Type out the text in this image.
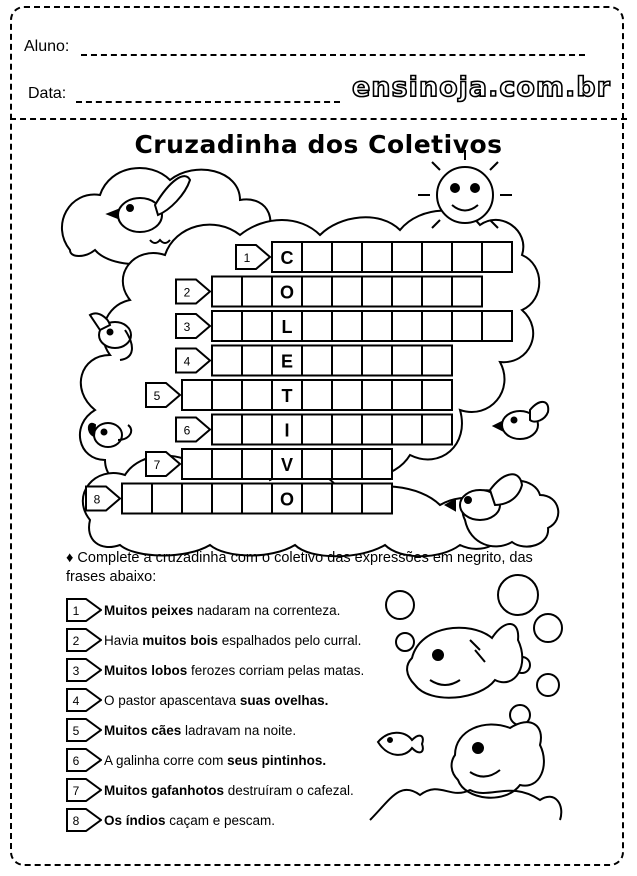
Aluno:
Data:	ensinoja.com.br
Cruzadinha dos Coletivos
C
1
O
2
L
3
E
4
T
5
I
6
V
7
O
8
♦ Complete a cruzadinha com o coletivo das expressões em negrito, das frases abaixo:
1 Muitos peixes nadaram na correnteza.
2 Havia muitos bois espalhados pelo curral.
3 Muitos lobos ferozes corriam pelas matas.
4 O pastor apascentava suas ovelhas.
5 Muitos cães ladravam na noite.
6 A galinha corre com seus pintinhos.
7 Muitos gafanhotos destruíram o cafezal.
8 Os índios caçam e pescam.
